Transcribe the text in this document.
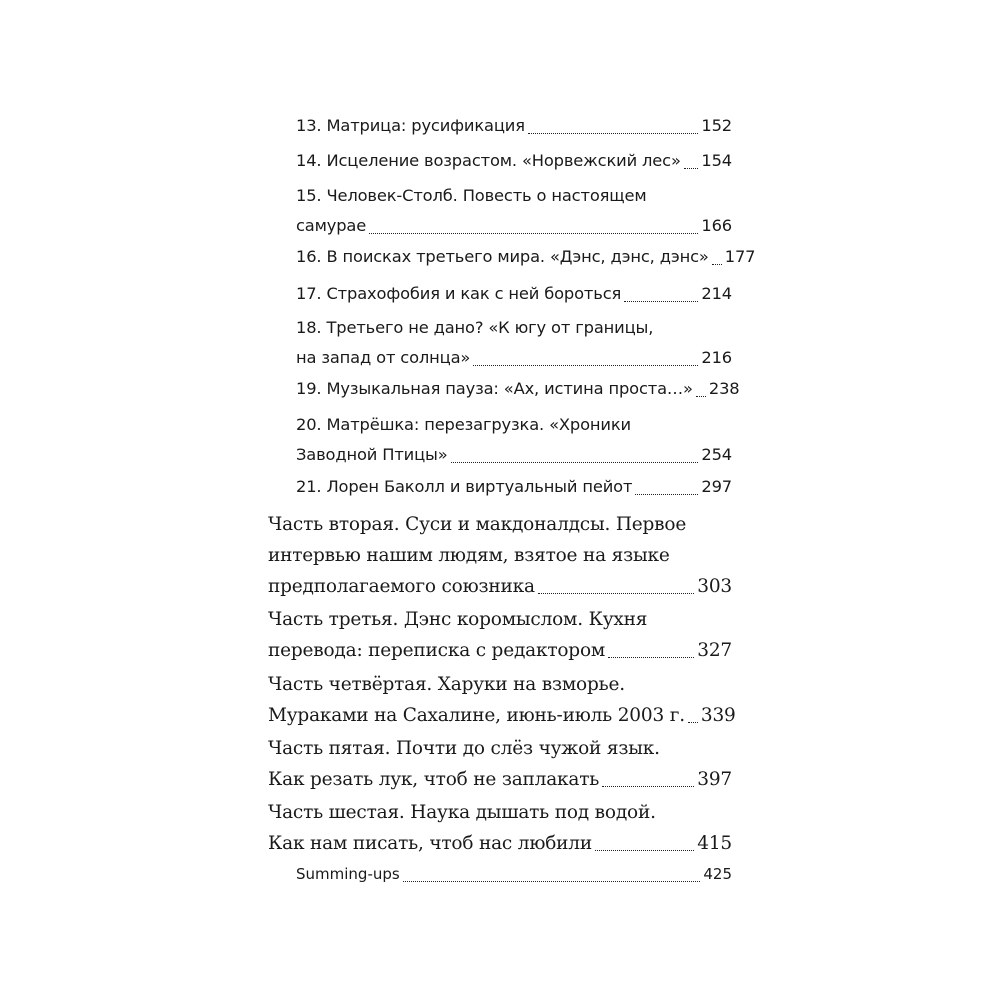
13. Матрица: русификация	152
14. Исцеление возрастом. «Норвежский лес» 154
15. Человек-Столб. Повесть о настоящем
самурае	166
16. В поисках третьего мира. «Дэнс, дэнс, дэнс» 177
17. Страхофобия и как с ней бороться	214
18. Третьего не дано? «К югу от границы,
на запад от солнца»	216
19. Музыкальная пауза: «Ах, истина проста…» 238
20. Матрёшка: перезагрузка. «Хроники
Заводной Птицы»	254
21. Лорен Баколл и виртуальный пейот	297
Часть вторая. Суси и макдоналдсы. Первое
интервью нашим людям, взятое на языке
предполагаемого союзника	303
Часть третья. Дэнс коромыслом. Кухня
перевода: переписка с редактором	327
Часть четвёртая. Харуки на взморье.
Мураками на Сахалине, июнь-июль 2003 г. 339
Часть пятая. Почти до слёз чужой язык.
Как резать лук, чтоб не заплакать	397
Часть шестая. Наука дышать под водой.
Как нам писать, чтоб нас любили	415
Summing-ups	425
